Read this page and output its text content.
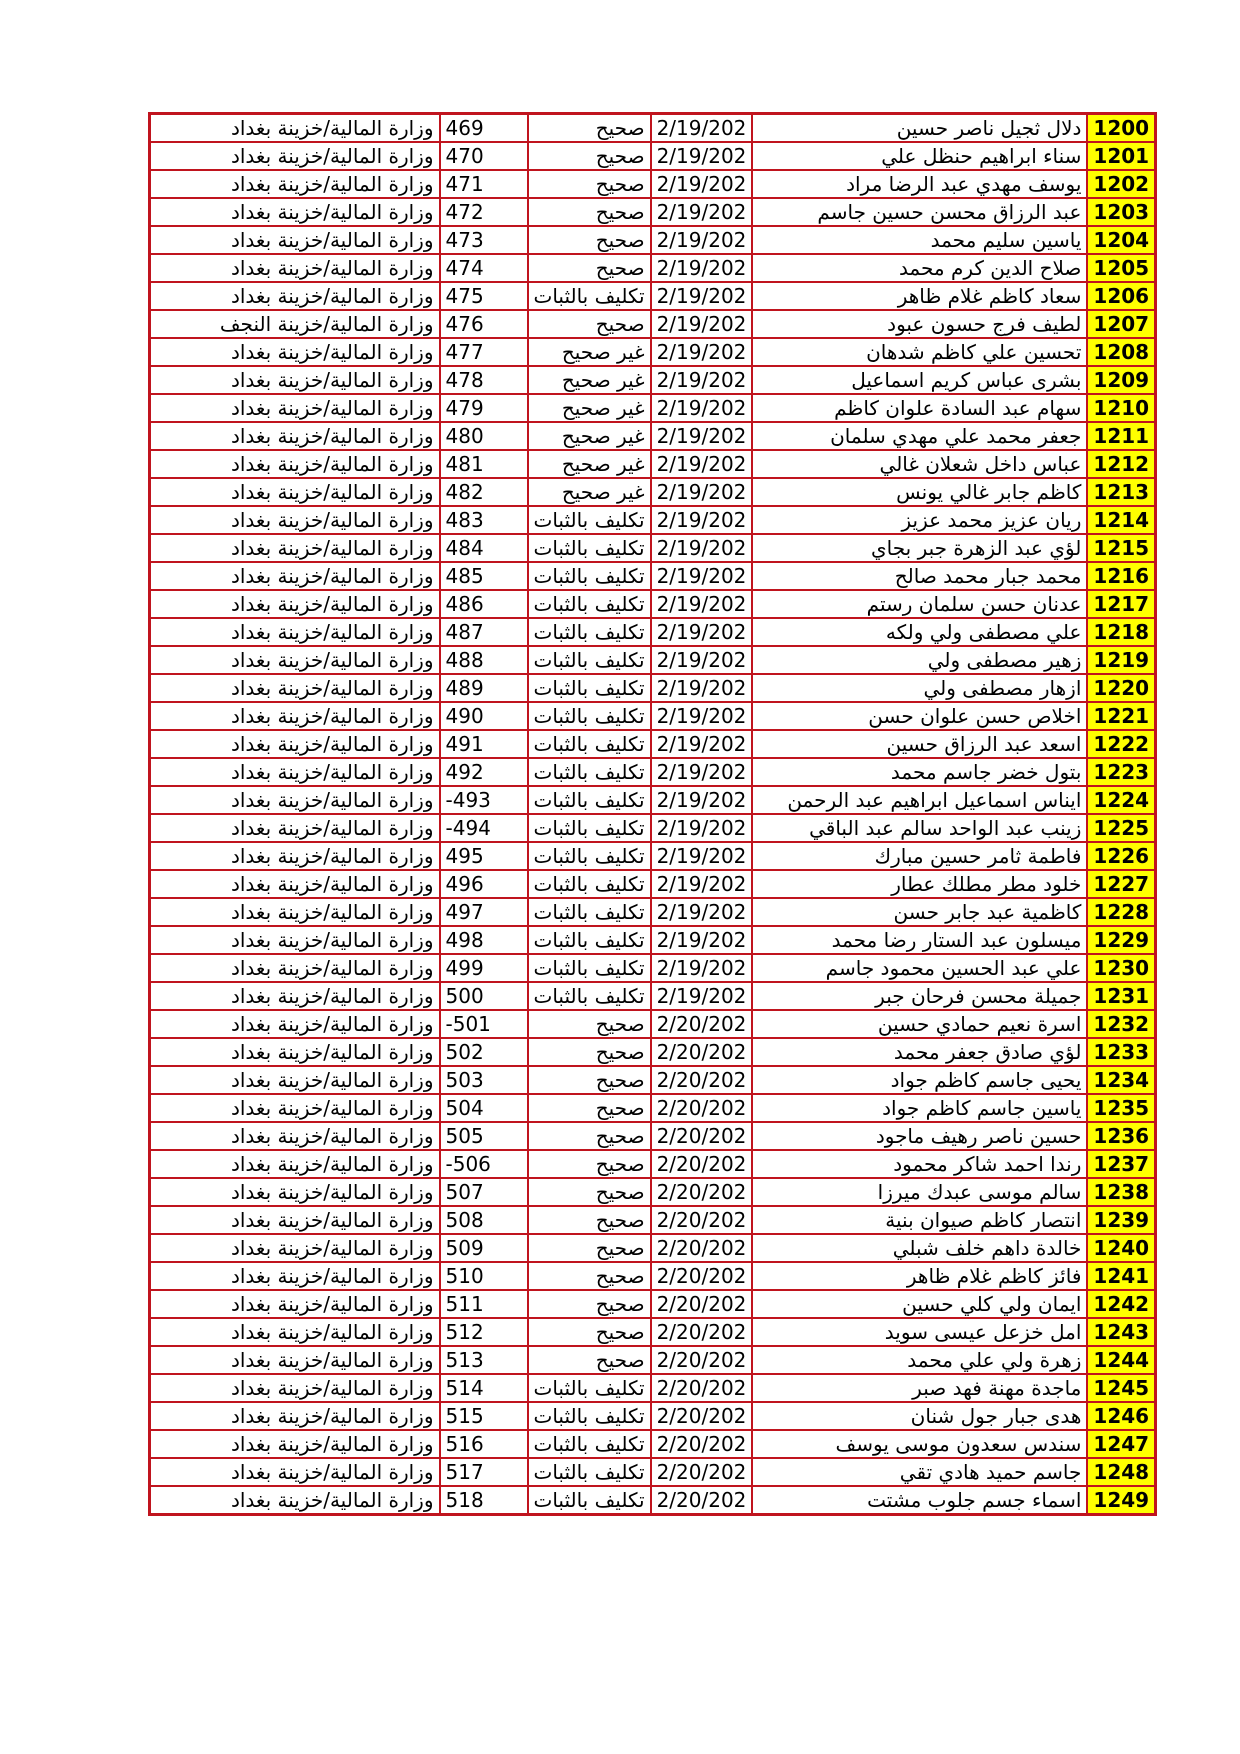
وزارة المالية/خزينة بغداد	469	صحيح	2/19/202	دلال ثجيل ناصر حسين	1200
وزارة المالية/خزينة بغداد	470	صحيح	2/19/202	سناء ابراهيم حنظل علي	1201
وزارة المالية/خزينة بغداد	471	صحيح	2/19/202	يوسف مهدي عبد الرضا مراد	1202
وزارة المالية/خزينة بغداد	472	صحيح	2/19/202	عبد الرزاق محسن حسين جاسم	1203
وزارة المالية/خزينة بغداد	473	صحيح	2/19/202	ياسين سليم محمد	1204
وزارة المالية/خزينة بغداد	474	صحيح	2/19/202	صلاح الدين كرم محمد	1205
وزارة المالية/خزينة بغداد	475	تكليف بالثبات	2/19/202	سعاد كاظم غلام ظاهر	1206
وزارة المالية/خزينة النجف	476	صحيح	2/19/202	لطيف فرج حسون عبود	1207
وزارة المالية/خزينة بغداد	477	غير صحيح	2/19/202	تحسين علي كاظم شدهان	1208
وزارة المالية/خزينة بغداد	478	غير صحيح	2/19/202	بشرى عباس كريم اسماعيل	1209
وزارة المالية/خزينة بغداد	479	غير صحيح	2/19/202	سهام عبد السادة علوان كاظم	1210
وزارة المالية/خزينة بغداد	480	غير صحيح	2/19/202	جعفر محمد علي مهدي سلمان	1211
وزارة المالية/خزينة بغداد	481	غير صحيح	2/19/202	عباس داخل شعلان غالي	1212
وزارة المالية/خزينة بغداد	482	غير صحيح	2/19/202	كاظم جابر غالي يونس	1213
وزارة المالية/خزينة بغداد	483	تكليف بالثبات	2/19/202	ريان عزيز محمد عزيز	1214
وزارة المالية/خزينة بغداد	484	تكليف بالثبات	2/19/202	لؤي عبد الزهرة جبر بجاي	1215
وزارة المالية/خزينة بغداد	485	تكليف بالثبات	2/19/202	محمد جبار محمد صالح	1216
وزارة المالية/خزينة بغداد	486	تكليف بالثبات	2/19/202	عدنان حسن سلمان رستم	1217
وزارة المالية/خزينة بغداد	487	تكليف بالثبات	2/19/202	علي مصطفى ولي ولكه	1218
وزارة المالية/خزينة بغداد	488	تكليف بالثبات	2/19/202	زهير مصطفى ولي	1219
وزارة المالية/خزينة بغداد	489	تكليف بالثبات	2/19/202	ازهار مصطفى ولي	1220
وزارة المالية/خزينة بغداد	490	تكليف بالثبات	2/19/202	اخلاص حسن علوان حسن	1221
وزارة المالية/خزينة بغداد	491	تكليف بالثبات	2/19/202	اسعد عبد الرزاق حسين	1222
وزارة المالية/خزينة بغداد	492	تكليف بالثبات	2/19/202	بتول خضر جاسم محمد	1223
وزارة المالية/خزينة بغداد	-493	تكليف بالثبات	2/19/202	ايناس اسماعيل ابراهيم عبد الرحمن	1224
وزارة المالية/خزينة بغداد	-494	تكليف بالثبات	2/19/202	زينب عبد الواحد سالم عبد الباقي	1225
وزارة المالية/خزينة بغداد	495	تكليف بالثبات	2/19/202	فاطمة ثامر حسين مبارك	1226
وزارة المالية/خزينة بغداد	496	تكليف بالثبات	2/19/202	خلود مطر مطلك عطار	1227
وزارة المالية/خزينة بغداد	497	تكليف بالثبات	2/19/202	كاظمية عبد جابر حسن	1228
وزارة المالية/خزينة بغداد	498	تكليف بالثبات	2/19/202	ميسلون عبد الستار رضا محمد	1229
وزارة المالية/خزينة بغداد	499	تكليف بالثبات	2/19/202	علي عبد الحسين محمود جاسم	1230
وزارة المالية/خزينة بغداد	500	تكليف بالثبات	2/19/202	جميلة محسن فرحان جبر	1231
وزارة المالية/خزينة بغداد	-501	صحيح	2/20/202	اسرة نعيم حمادي حسين	1232
وزارة المالية/خزينة بغداد	502	صحيح	2/20/202	لؤي صادق جعفر محمد	1233
وزارة المالية/خزينة بغداد	503	صحيح	2/20/202	يحيى جاسم كاظم جواد	1234
وزارة المالية/خزينة بغداد	504	صحيح	2/20/202	ياسين جاسم كاظم جواد	1235
وزارة المالية/خزينة بغداد	505	صحيح	2/20/202	حسين ناصر رهيف ماجود	1236
وزارة المالية/خزينة بغداد	-506	صحيح	2/20/202	رندا احمد شاكر محمود	1237
وزارة المالية/خزينة بغداد	507	صحيح	2/20/202	سالم موسى عبدك ميرزا	1238
وزارة المالية/خزينة بغداد	508	صحيح	2/20/202	انتصار كاظم صيوان بنية	1239
وزارة المالية/خزينة بغداد	509	صحيح	2/20/202	خالدة داهم خلف شبلي	1240
وزارة المالية/خزينة بغداد	510	صحيح	2/20/202	فائز كاظم غلام ظاهر	1241
وزارة المالية/خزينة بغداد	511	صحيح	2/20/202	ايمان ولي كلي حسين	1242
وزارة المالية/خزينة بغداد	512	صحيح	2/20/202	امل خزعل عيسى سويد	1243
وزارة المالية/خزينة بغداد	513	صحيح	2/20/202	زهرة ولي علي محمد	1244
وزارة المالية/خزينة بغداد	514	تكليف بالثبات	2/20/202	ماجدة مهنة فهد صبر	1245
وزارة المالية/خزينة بغداد	515	تكليف بالثبات	2/20/202	هدى جبار جول شنان	1246
وزارة المالية/خزينة بغداد	516	تكليف بالثبات	2/20/202	سندس سعدون موسى يوسف	1247
وزارة المالية/خزينة بغداد	517	تكليف بالثبات	2/20/202	جاسم حميد هادي تقي	1248
وزارة المالية/خزينة بغداد	518	تكليف بالثبات	2/20/202	اسماء جسم جلوب مشتت	1249
